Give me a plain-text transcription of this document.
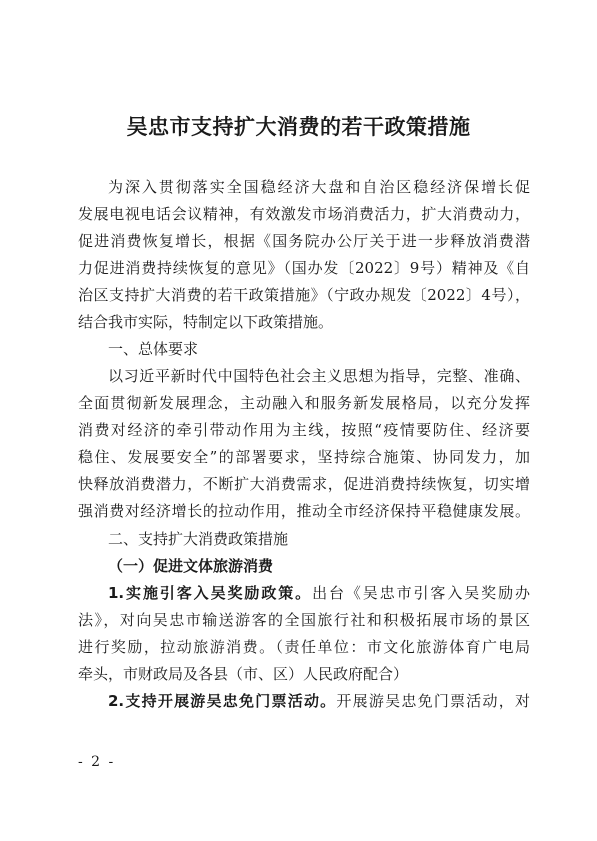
吴忠市支持扩大消费的若干政策措施
为深入贯彻落实全国稳经济大盘和自治区稳经济保增长促
发展电视电话会议精神，有效激发市场消费活力，扩大消费动力，
促进消费恢复增长，根据《国务院办公厅关于进一步释放消费潜
力促进消费持续恢复的意见》（国办发〔2022〕9号）精神及《自
治区支持扩大消费的若干政策措施》（宁政办规发〔2022〕4号），
结合我市实际，特制定以下政策措施。
一、总体要求
以习近平新时代中国特色社会主义思想为指导，完整、准确、
全面贯彻新发展理念，主动融入和服务新发展格局，以充分发挥
消费对经济的牵引带动作用为主线，按照“疫情要防住、经济要
稳住、发展要安全”的部署要求，坚持综合施策、协同发力，加
快释放消费潜力，不断扩大消费需求，促进消费持续恢复，切实增
强消费对经济增长的拉动作用，推动全市经济保持平稳健康发展。
二、支持扩大消费政策措施
（一）促进文体旅游消费
1.实施引客入吴奖励政策。出台《吴忠市引客入吴奖励办
法》，对向吴忠市输送游客的全国旅行社和积极拓展市场的景区
进行奖励，拉动旅游消费。（责任单位：市文化旅游体育广电局
牵头，市财政局及各县（市、区）人民政府配合）
2.支持开展游吴忠免门票活动。开展游吴忠免门票活动，对
- 2 -
